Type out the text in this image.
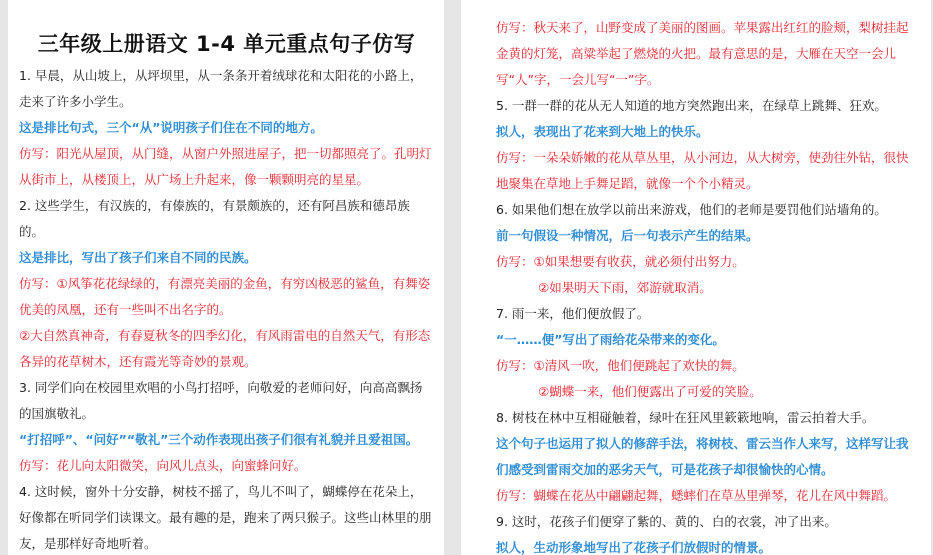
三年级上册语文 1-4 单元重点句子仿写

1. 早晨，从山坡上，从坪坝里，从一条条开着绒球花和太阳花的小路上，走来了许多小学生。

这是排比句式，三个“从”说明孩子们住在不同的地方。

仿写：阳光从屋顶，从门缝，从窗户外照进屋子，把一切都照亮了。孔明灯从街市上，从楼顶上，从广场上升起来，像一颗颗明亮的星星。

2. 这些学生，有汉族的，有傣族的，有景颇族的，还有阿昌族和德昂族的。

这是排比，写出了孩子们来自不同的民族。

仿写：①风筝花花绿绿的，有漂亮美丽的金鱼，有穷凶极恶的鲨鱼，有舞姿优美的凤凰，还有一些叫不出名字的。

②大自然真神奇，有春夏秋冬的四季幻化，有风雨雷电的自然天气，有形态各异的花草树木，还有霞光等奇妙的景观。

3. 同学们向在校园里欢唱的小鸟打招呼，向敬爱的老师问好，向高高飘扬的国旗敬礼。

“打招呼”、“问好”“敬礼”三个动作表现出孩子们很有礼貌并且爱祖国。

仿写：花儿向太阳微笑，向风儿点头，向蜜蜂问好。

4. 这时候，窗外十分安静，树枝不摇了，鸟儿不叫了，蝴蝶停在花朵上，好像都在听同学们读课文。最有趣的是，跑来了两只猴子。这些山林里的朋友，是那样好奇地听着。

仿写：秋天来了，山野变成了美丽的图画。苹果露出红红的脸颊，梨树挂起金黄的灯笼，高粱举起了燃烧的火把。最有意思的是，大雁在天空一会儿写“人”字，一会儿写“一”字。

5. 一群一群的花从无人知道的地方突然跑出来，在绿草上跳舞、狂欢。

拟人，表现出了花来到大地上的快乐。

仿写：一朵朵娇嫩的花从草丛里，从小河边，从大树旁，使劲往外钻，很快地聚集在草地上手舞足蹈，就像一个个小精灵。

6. 如果他们想在放学以前出来游戏，他们的老师是要罚他们站墙角的。

前一句假设一种情况，后一句表示产生的结果。

仿写：①如果想要有收获，就必须付出努力。

②如果明天下雨，郊游就取消。

7. 雨一来，他们便放假了。

“一……便”写出了雨给花朵带来的变化。

仿写：①清风一吹，他们便跳起了欢快的舞。

②蝴蝶一来，他们便露出了可爱的笑脸。

8. 树枝在林中互相碰触着，绿叶在狂风里簌簌地响，雷云拍着大手。

这个句子也运用了拟人的修辞手法，将树枝、雷云当作人来写，这样写让我们感受到雷雨交加的恶劣天气，可是花孩子却很愉快的心情。

仿写：蝴蝶在花丛中翩翩起舞，蟋蟀们在草丛里弹琴，花儿在风中舞蹈。

9. 这时，花孩子们便穿了紫的、黄的、白的衣裳，冲了出来。

拟人，生动形象地写出了花孩子们放假时的情景。
